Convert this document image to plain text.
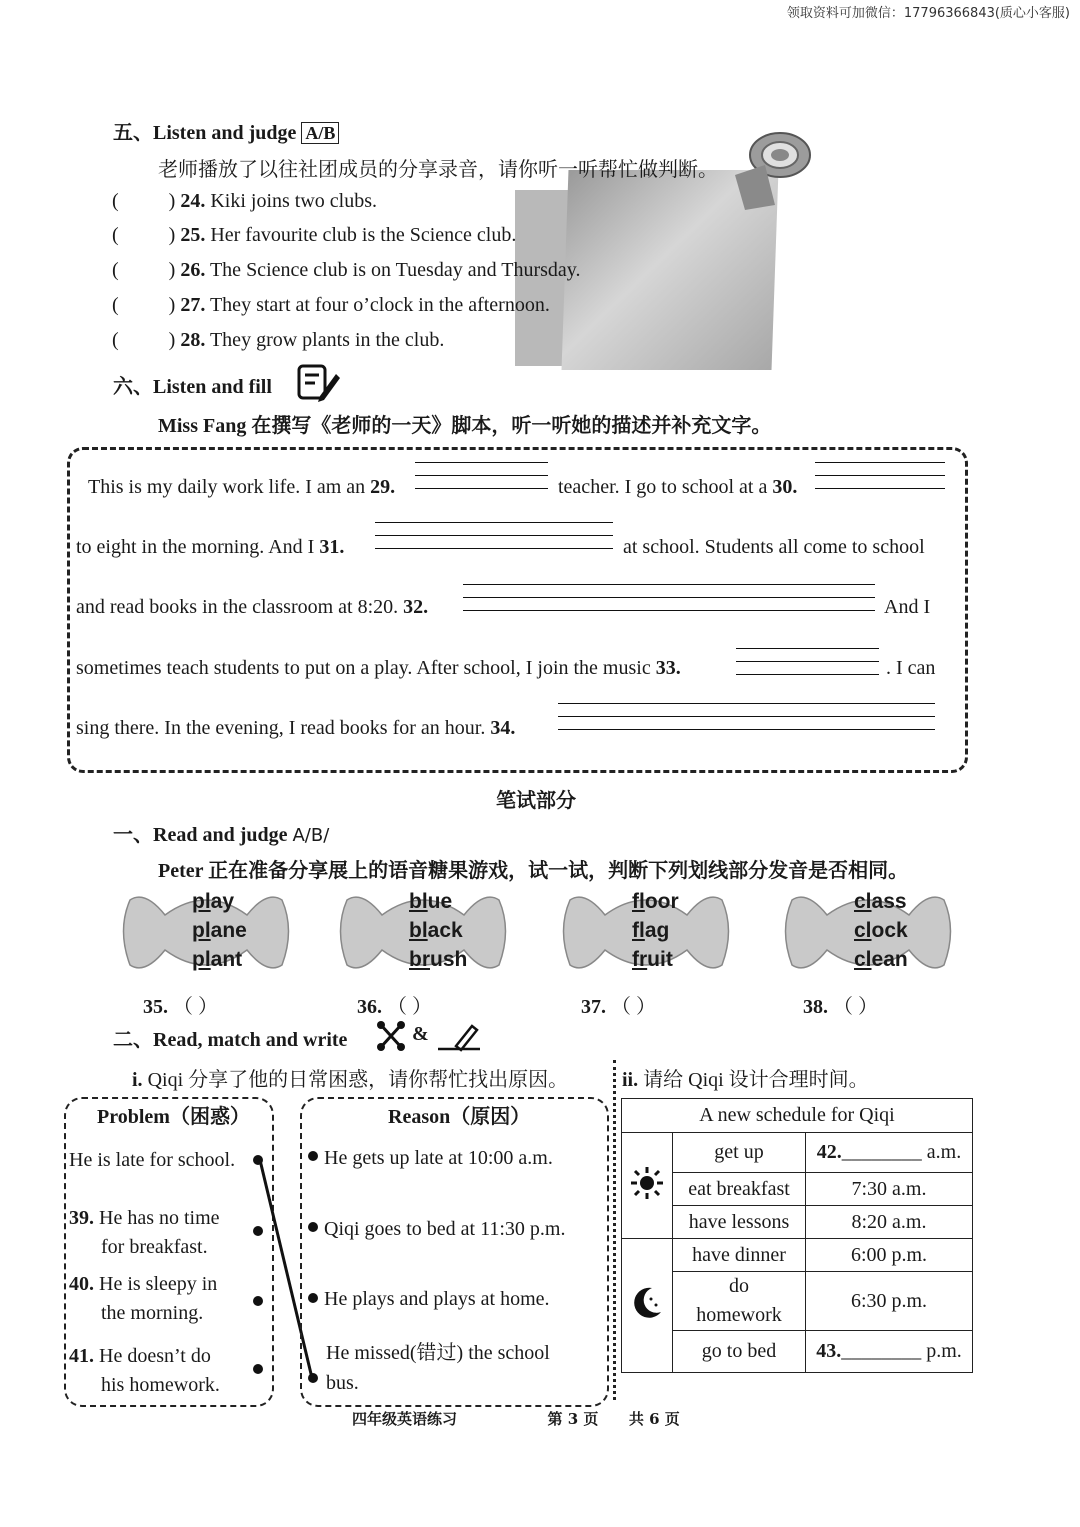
领取资料可加微信：17796366843(质心小客服)
五、Listen and judge A/B
老师播放了以往社团成员的分享录音，请你听一听帮忙做判断。
(          ) 24. Kiki joins two clubs.
(          ) 25. Her favourite club is the Science club.
(          ) 26. The Science club is on Tuesday and Thursday.
(          ) 27. They start at four o’clock in the afternoon.
(          ) 28. They grow plants in the club.
六、Listen and fill
Miss Fang 在撰写《老师的一天》脚本，听一听她的描述并补充文字。
This is my daily work life. I am an 29.	teacher. I go to school at a 30.
to eight in the morning. And I 31.	at school. Students all come to school
and read books in the classroom at 8:20. 32.	And I
sometimes teach students to put on a play. After school, I join the music 33.	. I can
sing there. In the evening, I read books for an hour. 34.
笔试部分
一、Read and judge A/B/
Peter 正在准备分享展上的语音糖果游戏，试一试，判断下列划线部分发音是否相同。
play
plane
plant
blue
black
brush
floor
flag
fruit
class
clock
clean
35. （ ）	36. （ ）	37. （ ）	38. （ ）
二、Read, match and write	&
i. Qiqi 分享了他的日常困惑，请你帮忙找出原因。	ii. 请给 Qiqi 设计合理时间。
Problem（困惑）
He is late for school.
39. He has no time
for breakfast.
40. He is sleepy in
the morning.
41. He doesn’t do
his homework.
Reason（原因）
He gets up late at 10:00 a.m.
Qiqi goes to bed at 11:30 p.m.
He plays and plays at home.
He missed(错过) the school
bus.
A new schedule for Qiqi		
	get up	42.________ a.m.
	eat breakfast	7:30 a.m.
	have lessons	8:20 a.m.
	have dinner	6:00 p.m.
	do homework	6:30 p.m.
	go to bed	43.________ p.m.
四年级英语练习	第 3 页 共 6 页
